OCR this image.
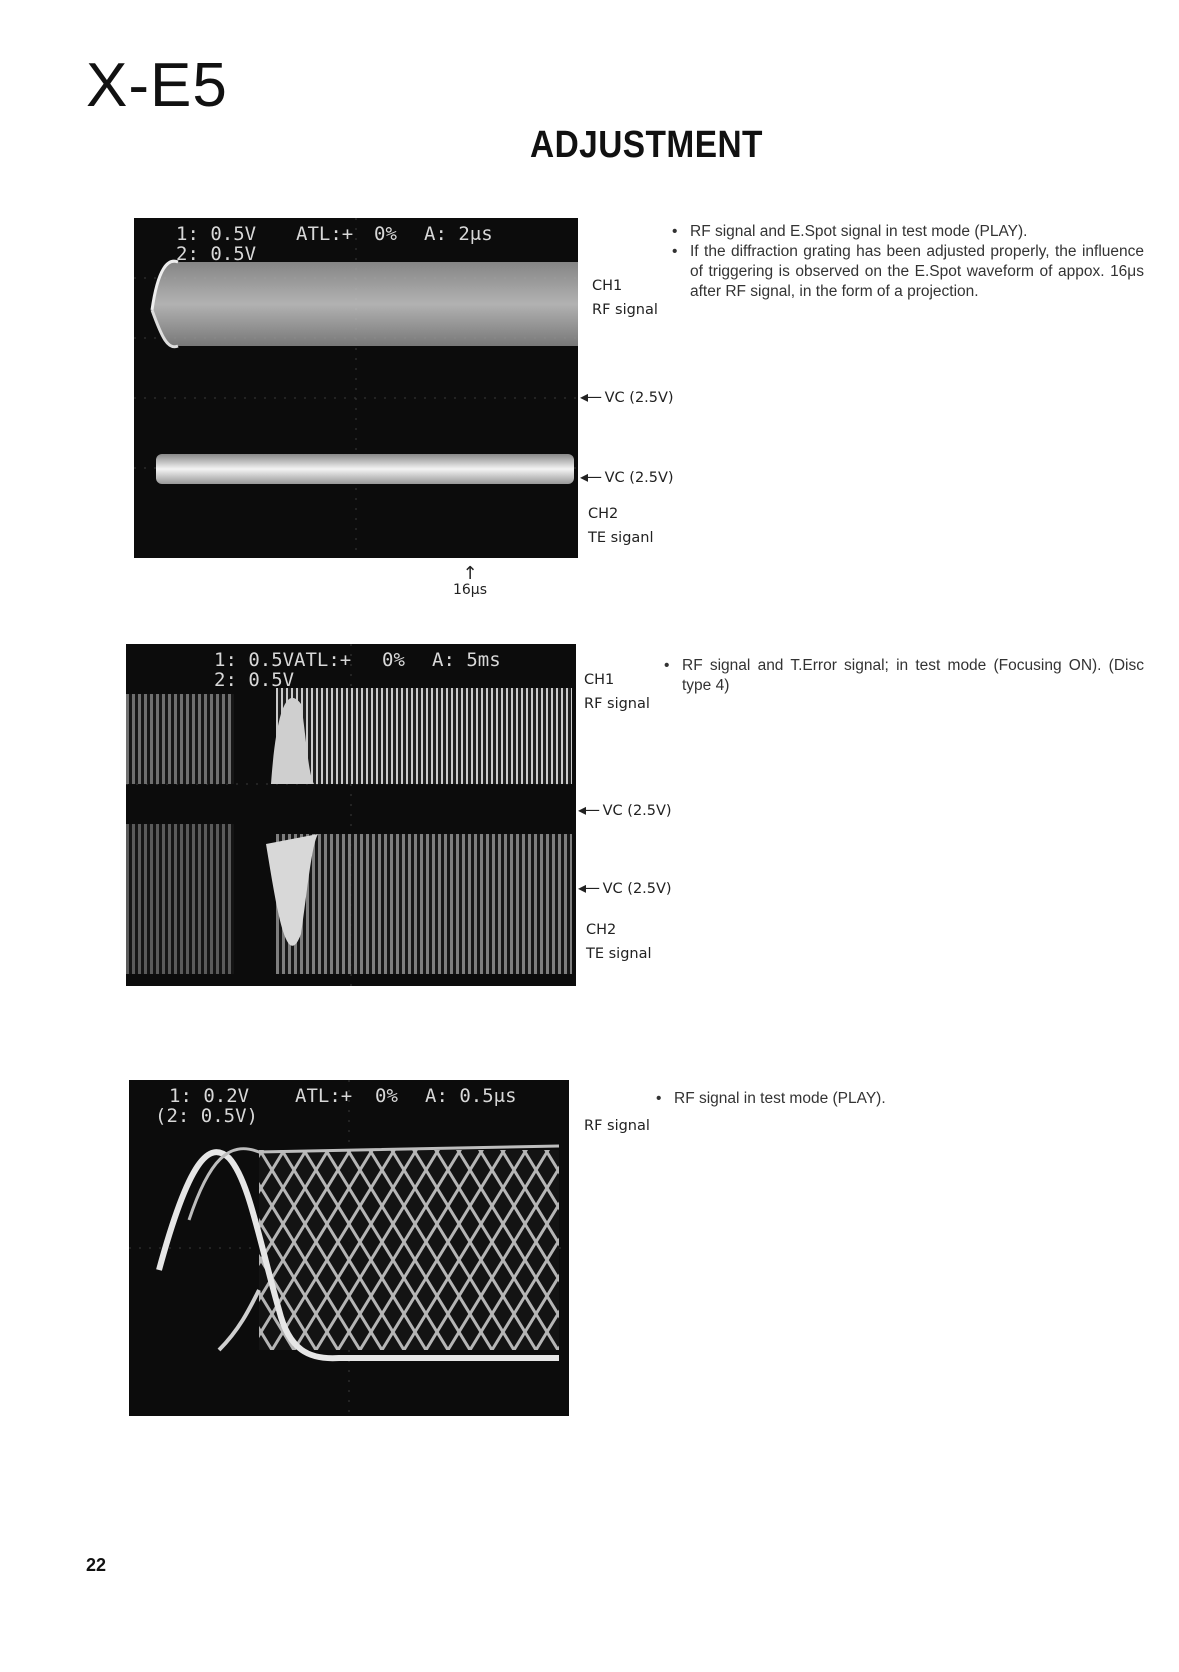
X-E5
ADJUSTMENT
1: 0.5V
2: 0.5V
ATL:+ 0% A: 2μs
CH1
RF signal
◂— VC (2.5V)
◂— VC (2.5V)
CH2
TE siganl
↑
16μs
• RF signal and E.Spot signal in test mode (PLAY).
• If the diffraction grating has been adjusted properly, the influence of triggering is observed on the E.Spot waveform of appox. 16μs after RF signal, in the form of a projection.
1: 0.5V
2: 0.5V
ATL:+ 0% A: 5ms
CH1
RF signal
◂— VC (2.5V)
◂— VC (2.5V)
CH2
TE signal
• RF signal and T.Error signal; in test mode (Focusing ON). (Disc type 4)
1: 0.2V
(2: 0.5V)
ATL:+ 0% A: 0.5μs
RF signal
• RF signal in test mode (PLAY).
22
